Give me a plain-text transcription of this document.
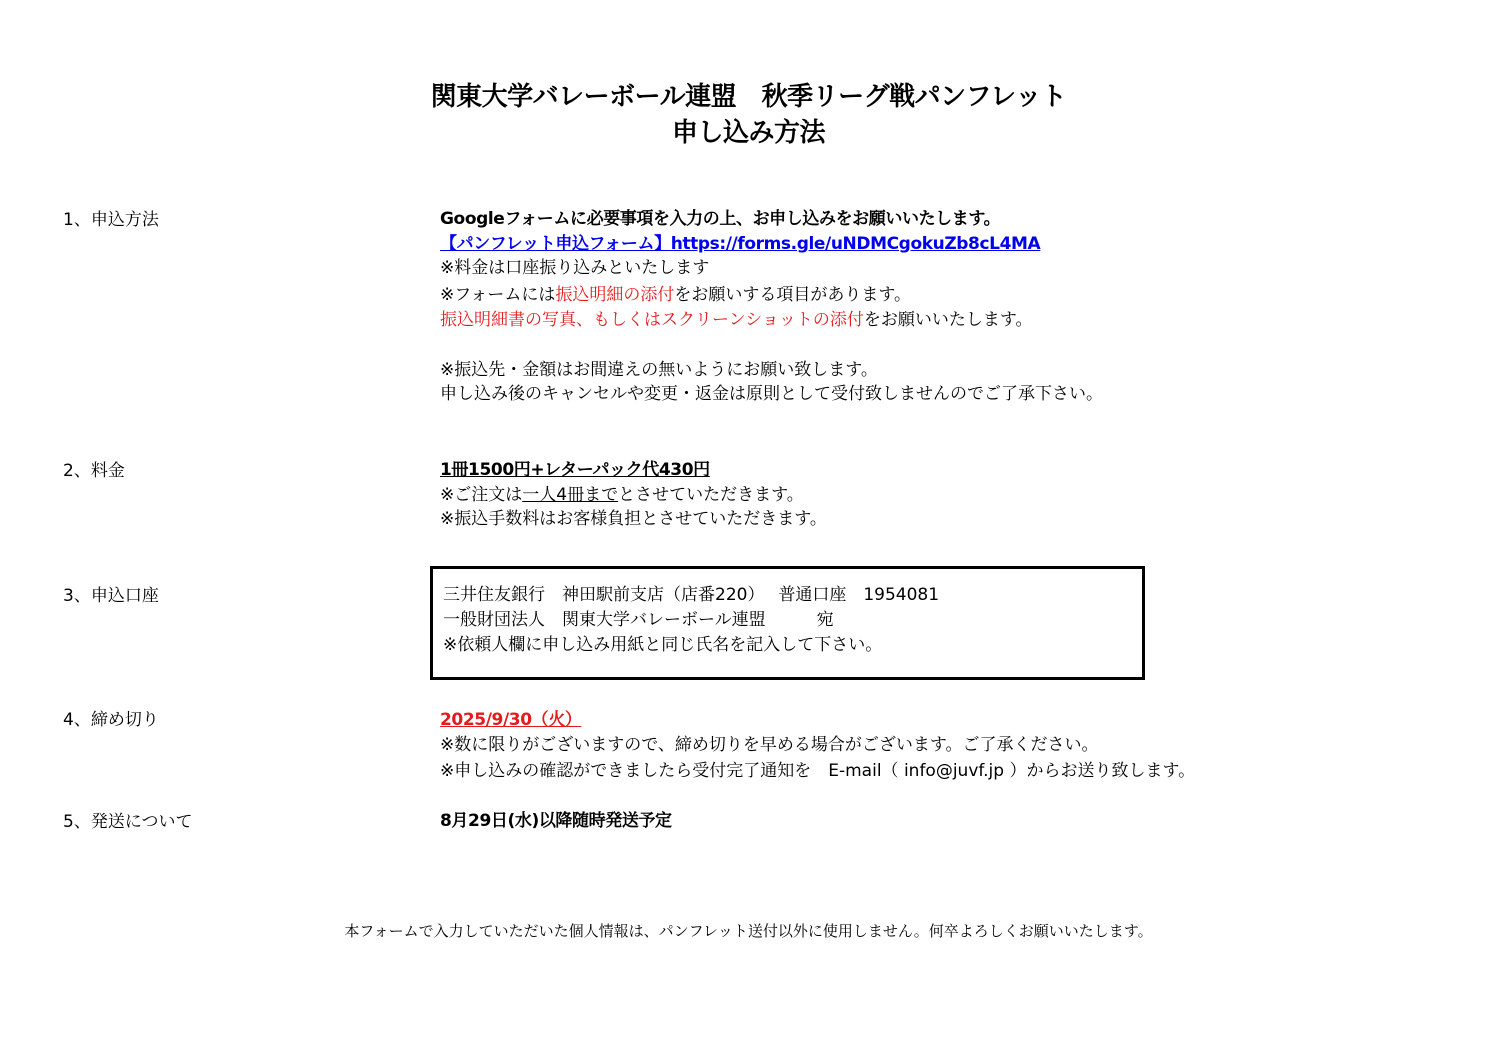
関東大学バレーボール連盟　秋季リーグ戦パンフレット
申し込み方法
1、申込方法	Googleフォームに必要事項を入力の上、お申し込みをお願いいたします。
【パンフレット申込フォーム】https://forms.gle/uNDMCgokuZb8cL4MA
※料金は口座振り込みといたします
※フォームには振込明細の添付をお願いする項目があります。
振込明細書の写真、もしくはスクリーンショットの添付をお願いいたします。
※振込先・金額はお間違えの無いようにお願い致します。
申し込み後のキャンセルや変更・返金は原則として受付致しませんのでご了承下さい。
2、料金	1冊1500円+レターパック代430円
※ご注文は一人4冊までとさせていただきます。
※振込手数料はお客様負担とさせていただきます。
3、申込口座	三井住友銀行　神田駅前支店（店番220）　 普通口座　1954081
一般財団法人　関東大学バレーボール連盟　　　宛
※依頼人欄に申し込み用紙と同じ氏名を記入して下さい。
4、締め切り	2025/9/30（火）
※数に限りがございますので、締め切りを早める場合がございます。ご了承ください。
※申し込みの確認ができましたら受付完了通知を　E-mail（ info@juvf.jp ）からお送り致します。
5、発送について	8月29日(水)以降随時発送予定
本フォームで入力していただいた個人情報は、パンフレット送付以外に使用しません。何卒よろしくお願いいたします。
